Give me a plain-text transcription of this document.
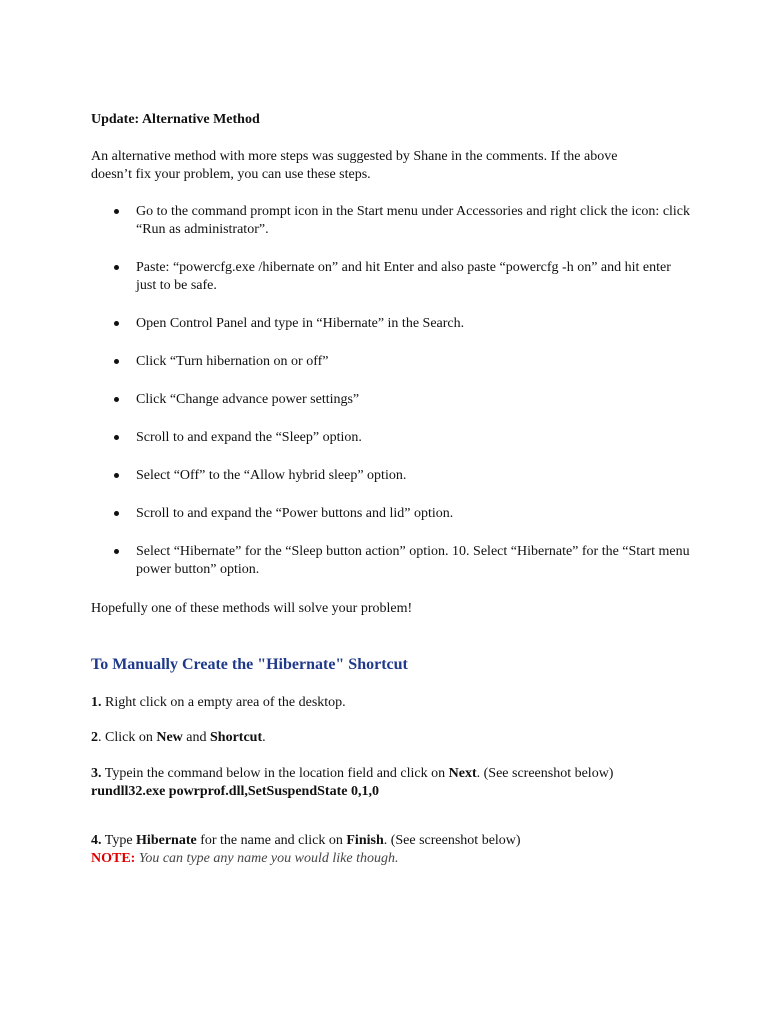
Update: Alternative Method

An alternative method with more steps was suggested by Shane in the comments. If the above
doesn’t fix your problem, you can use these steps.
Go to the command prompt icon in the Start menu under Accessories and right click the icon: click “Run as administrator”.
Paste: “powercfg.exe /hibernate on” and hit Enter and also paste “powercfg -h on” and hit enter just to be safe.
Open Control Panel and type in “Hibernate” in the Search.
Click “Turn hibernation on or off”
Click “Change advance power settings”
Scroll to and expand the “Sleep” option.
Select “Off” to the “Allow hybrid sleep” option.
Scroll to and expand the “Power buttons and lid” option.
Select “Hibernate” for the “Sleep button action” option. 10. Select “Hibernate” for the “Start menu power button” option.

Hopefully one of these methods will solve your problem!

To Manually Create the "Hibernate" Shortcut

1. Right click on a empty area of the desktop.

2. Click on New and Shortcut.

3. Typein the command below in the location field and click on Next. (See screenshot below)
rundll32.exe powrprof.dll,SetSuspendState 0,1,0
4. Type Hibernate for the name and click on Finish. (See screenshot below)
NOTE: You can type any name you would like though.
